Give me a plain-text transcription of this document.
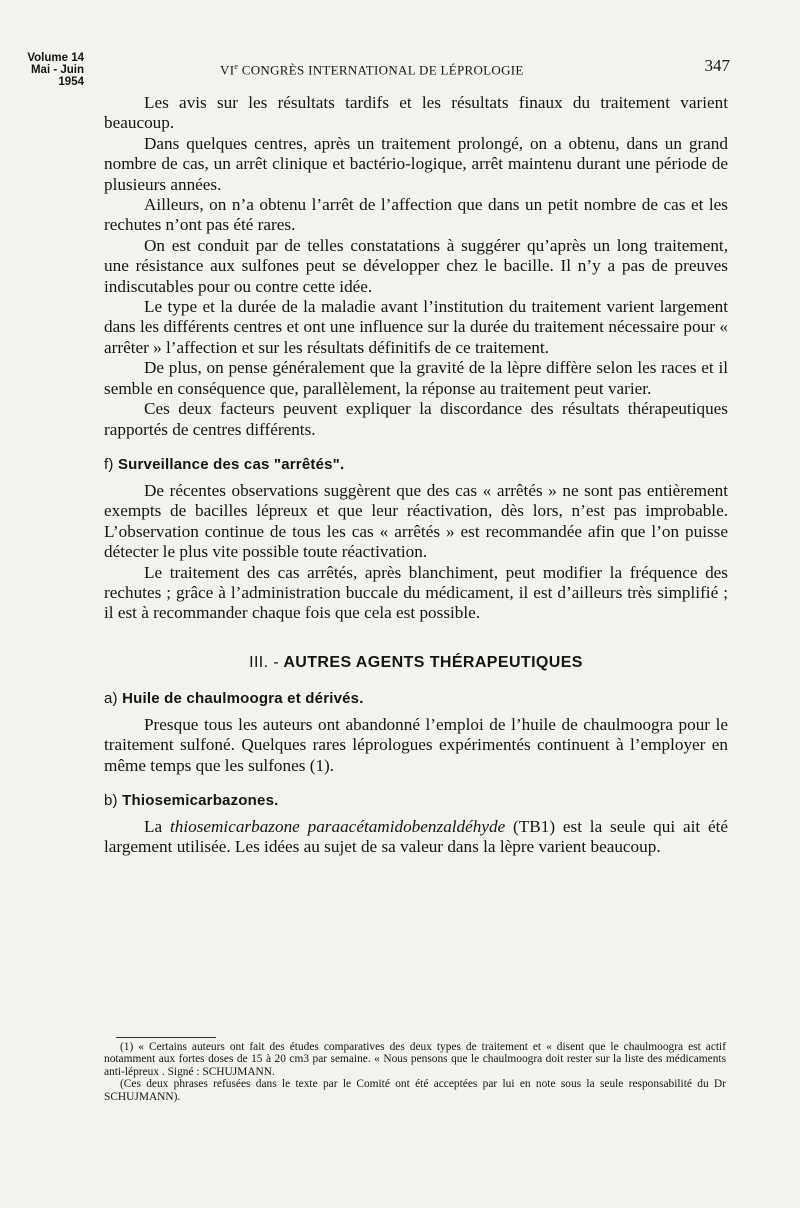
Volume 14
Mai - Juin 1954
VIe CONGRÈS INTERNATIONAL DE LÉPROLOGIE	347

Les avis sur les résultats tardifs et les résultats finaux du traitement varient beaucoup.

Dans quelques centres, après un traitement prolongé, on a obtenu, dans un grand nombre de cas, un arrêt clinique et bactério-logique, arrêt maintenu durant une période de plusieurs années.

Ailleurs, on n’a obtenu l’arrêt de l’affection que dans un petit nombre de cas et les rechutes n’ont pas été rares.

On est conduit par de telles constatations à suggérer qu’après un long traitement, une résistance aux sulfones peut se développer chez le bacille. Il n’y a pas de preuves indiscutables pour ou contre cette idée.

Le type et la durée de la maladie avant l’institution du traitement varient largement dans les différents centres et ont une influence sur la durée du traitement nécessaire pour « arrêter » l’affection et sur les résultats définitifs de ce traitement.

De plus, on pense généralement que la gravité de la lèpre diffère selon les races et il semble en conséquence que, parallèlement, la réponse au traitement peut varier.

Ces deux facteurs peuvent expliquer la discordance des résultats thérapeutiques rapportés de centres différents.

f) Surveillance des cas "arrêtés".

De récentes observations suggèrent que des cas « arrêtés » ne sont pas entièrement exempts de bacilles lépreux et que leur réactivation, dès lors, n’est pas improbable. L’observation continue de tous les cas « arrêtés » est recommandée afin que l’on puisse détecter le plus vite possible toute réactivation.

Le traitement des cas arrêtés, après blanchiment, peut modifier la fréquence des rechutes ; grâce à l’administration buccale du médicament, il est d’ailleurs très simplifié ; il est à recommander chaque fois que cela est possible.

III. - AUTRES AGENTS THÉRAPEUTIQUES
a) Huile de chaulmoogra et dérivés.

Presque tous les auteurs ont abandonné l’emploi de l’huile de chaulmoogra pour le traitement sulfoné. Quelques rares léprologues expérimentés continuent à l’employer en même temps que les sulfones (1).

b) Thiosemicarbazones.

La thiosemicarbazone paraacétamidobenzaldéhyde (TB1) est la seule qui ait été largement utilisée. Les idées au sujet de sa valeur dans la lèpre varient beaucoup.

(1) « Certains auteurs ont fait des études comparatives des deux types de traitement et « disent que le chaulmoogra est actif notamment aux fortes doses de 15 à 20 cm3 par semaine. « Nous pensons que le chaulmoogra doit rester sur la liste des médicaments anti-lépreux . Signé : SCHUJMANN.

(Ces deux phrases refusées dans le texte par le Comité ont été acceptées par lui en note sous la seule responsabilité du Dr SCHUJMANN).
